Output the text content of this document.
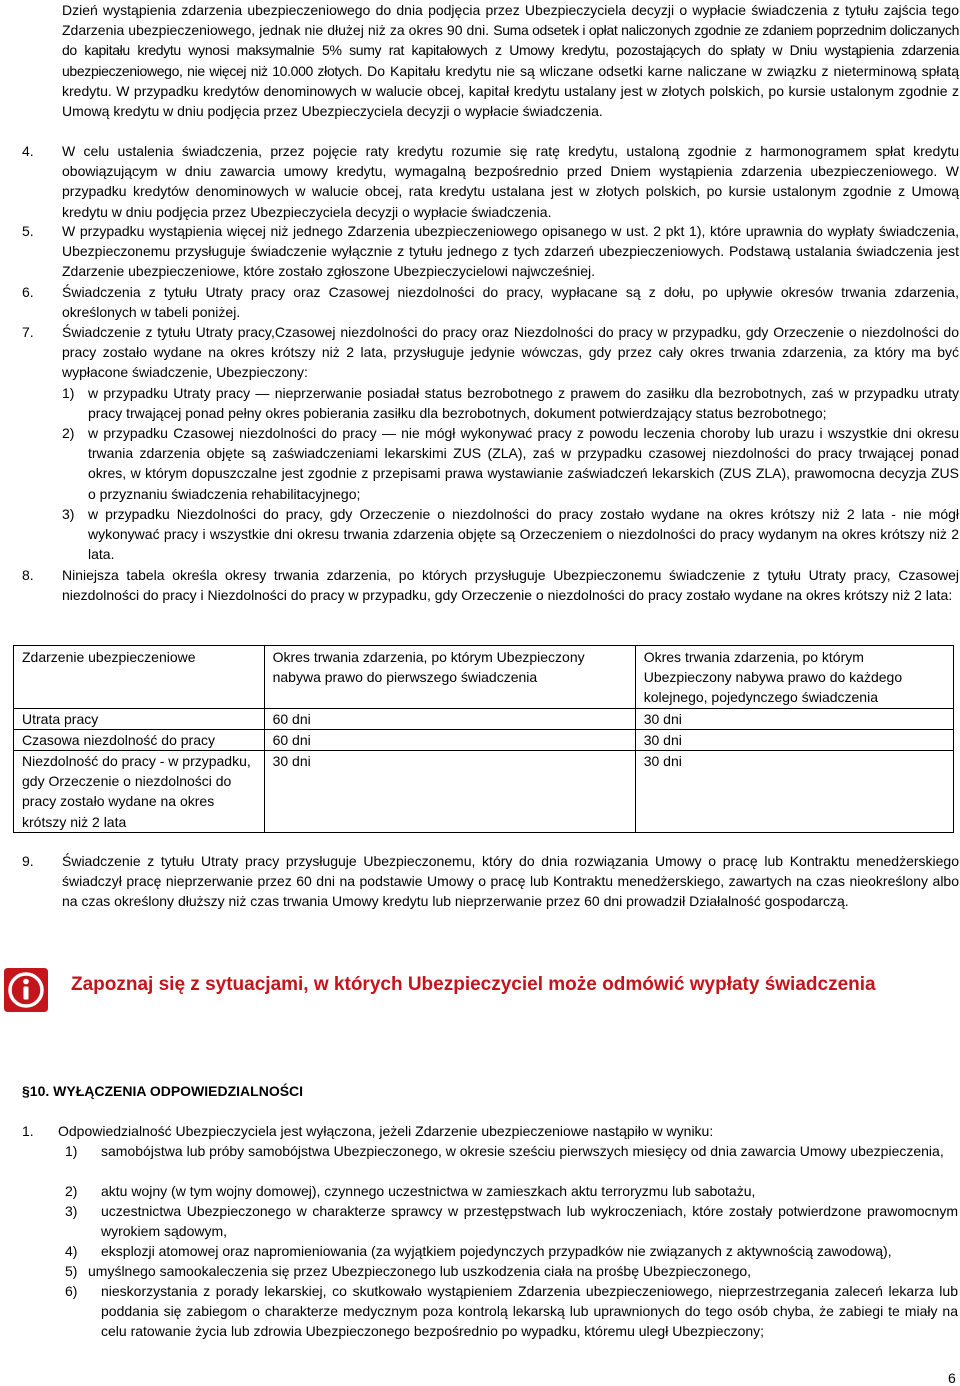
Dzień wystąpienia zdarzenia ubezpieczeniowego do dnia podjęcia przez Ubezpieczyciela decyzji o wypłacie świadczenia z tytułu zajścia tego Zdarzenia ubezpieczeniowego, jednak nie dłużej niż za okres 90 dni. Suma odsetek i opłat naliczonych zgodnie ze zdaniem poprzednim doliczanych do kapitału kredytu wynosi maksymalnie 5% sumy rat kapitałowych z Umowy kredytu, pozostających do spłaty w Dniu wystąpienia zdarzenia ubezpieczeniowego, nie więcej niż 10.000 złotych. Do Kapitału kredytu nie są wliczane odsetki karne naliczane w związku z nieterminową spłatą kredytu. W przypadku kredytów denominowych w walucie obcej, kapitał kredytu ustalany jest w złotych polskich, po kursie ustalonym zgodnie z Umową kredytu w dniu podjęcia przez Ubezpieczyciela decyzji o wypłacie świadczenia.

4. W celu ustalenia świadczenia, przez pojęcie raty kredytu rozumie się ratę kredytu, ustaloną zgodnie z harmonogramem spłat kredytu obowiązującym w dniu zawarcia umowy kredytu, wymagalną bezpośrednio przed Dniem wystąpienia zdarzenia ubezpieczeniowego. W przypadku kredytów denominowych w walucie obcej, rata kredytu ustalana jest w złotych polskich, po kursie ustalonym zgodnie z Umową kredytu w dniu podjęcia przez Ubezpieczyciela decyzji o wypłacie świadczenia.

5. W przypadku wystąpienia więcej niż jednego Zdarzenia ubezpieczeniowego opisanego w ust. 2 pkt 1), które uprawnia do wypłaty świadczenia, Ubezpieczonemu przysługuje świadczenie wyłącznie z tytułu jednego z tych zdarzeń ubezpieczeniowych. Podstawą ustalania świadczenia jest Zdarzenie ubezpieczeniowe, które zostało zgłoszone Ubezpieczycielowi najwcześniej.

6. Świadczenia z tytułu Utraty pracy oraz Czasowej niezdolności do pracy, wypłacane są z dołu, po upływie okresów trwania zdarzenia, określonych w tabeli poniżej.

7. Świadczenie z tytułu Utraty pracy,Czasowej niezdolności do pracy oraz Niezdolności do pracy w przypadku, gdy Orzeczenie o niezdolności do pracy zostało wydane na okres krótszy niż 2 lata, przysługuje jedynie wówczas, gdy przez cały okres trwania zdarzenia, za który ma być wypłacone świadczenie, Ubezpieczony:

1) w przypadku Utraty pracy — nieprzerwanie posiadał status bezrobotnego z prawem do zasiłku dla bezrobotnych, zaś w przypadku utraty pracy trwającej ponad pełny okres pobierania zasiłku dla bezrobotnych, dokument potwierdzający status bezrobotnego;

2) w przypadku Czasowej niezdolności do pracy — nie mógł wykonywać pracy z powodu leczenia choroby lub urazu i wszystkie dni okresu trwania zdarzenia objęte są zaświadczeniami lekarskimi ZUS (ZLA), zaś w przypadku czasowej niezdolności do pracy trwającej ponad okres, w którym dopuszczalne jest zgodnie z przepisami prawa wystawianie zaświadczeń lekarskich (ZUS ZLA), prawomocna decyzja ZUS o przyznaniu świadczenia rehabilitacyjnego;

3) w przypadku Niezdolności do pracy, gdy Orzeczenie o niezdolności do pracy zostało wydane na okres krótszy niż 2 lata - nie mógł wykonywać pracy i wszystkie dni okresu trwania zdarzenia objęte są Orzeczeniem o niezdolności do pracy wydanym na okres krótszy niż 2 lata.

8. Niniejsza tabela określa okresy trwania zdarzenia, po których przysługuje Ubezpieczonemu świadczenie z tytułu Utraty pracy, Czasowej niezdolności do pracy i Niezdolności do pracy w przypadku, gdy Orzeczenie o niezdolności do pracy zostało wydane na okres krótszy niż 2 lata:

Zdarzenie ubezpieczeniowe	Okres trwania zdarzenia, po którym Ubezpieczony nabywa prawo do pierwszego świadczenia	Okres trwania zdarzenia, po którym Ubezpieczony nabywa prawo do każdego kolejnego, pojedynczego świadczenia
Utrata pracy	60 dni	30 dni
Czasowa niezdolność do pracy	60 dni	30 dni
Niezdolność do pracy - w przypadku, gdy Orzeczenie o niezdolności do pracy zostało wydane na okres krótszy niż 2 lata	30 dni	30 dni
9. Świadczenie z tytułu Utraty pracy przysługuje Ubezpieczonemu, który do dnia rozwiązania Umowy o pracę lub Kontraktu menedżerskiego świadczył pracę nieprzerwanie przez 60 dni na podstawie Umowy o pracę lub Kontraktu menedżerskiego, zawartych na czas nieokreślony albo na czas określony dłuższy niż czas trwania Umowy kredytu lub nieprzerwanie przez 60 dni prowadził Działalność gospodarczą.

Zapoznaj się z sytuacjami, w których Ubezpieczyciel może odmówić wypłaty świadczenia
§10. WYŁĄCZENIA ODPOWIEDZIALNOŚCI
1. Odpowiedzialność Ubezpieczyciela jest wyłączona, jeżeli Zdarzenie ubezpieczeniowe nastąpiło w wyniku:

1) samobójstwa lub próby samobójstwa Ubezpieczonego, w okresie sześciu pierwszych miesięcy od dnia zawarcia Umowy ubezpieczenia,

2) aktu wojny (w tym wojny domowej), czynnego uczestnictwa w zamieszkach aktu terroryzmu lub sabotażu,

3) uczestnictwa Ubezpieczonego w charakterze sprawcy w przestępstwach lub wykroczeniach, które zostały potwierdzone prawomocnym wyrokiem sądowym,

4) eksplozji atomowej oraz napromieniowania (za wyjątkiem pojedynczych przypadków nie związanych z aktywnością zawodową),

5) umyślnego samookaleczenia się przez Ubezpieczonego lub uszkodzenia ciała na prośbę Ubezpieczonego,

6) nieskorzystania z porady lekarskiej, co skutkowało wystąpieniem Zdarzenia ubezpieczeniowego, nieprzestrzegania zaleceń lekarza lub poddania się zabiegom o charakterze medycznym poza kontrolą lekarską lub uprawnionych do tego osób chyba, że zabiegi te miały na celu ratowanie życia lub zdrowia Ubezpieczonego bezpośrednio po wypadku, któremu uległ Ubezpieczony;

6
